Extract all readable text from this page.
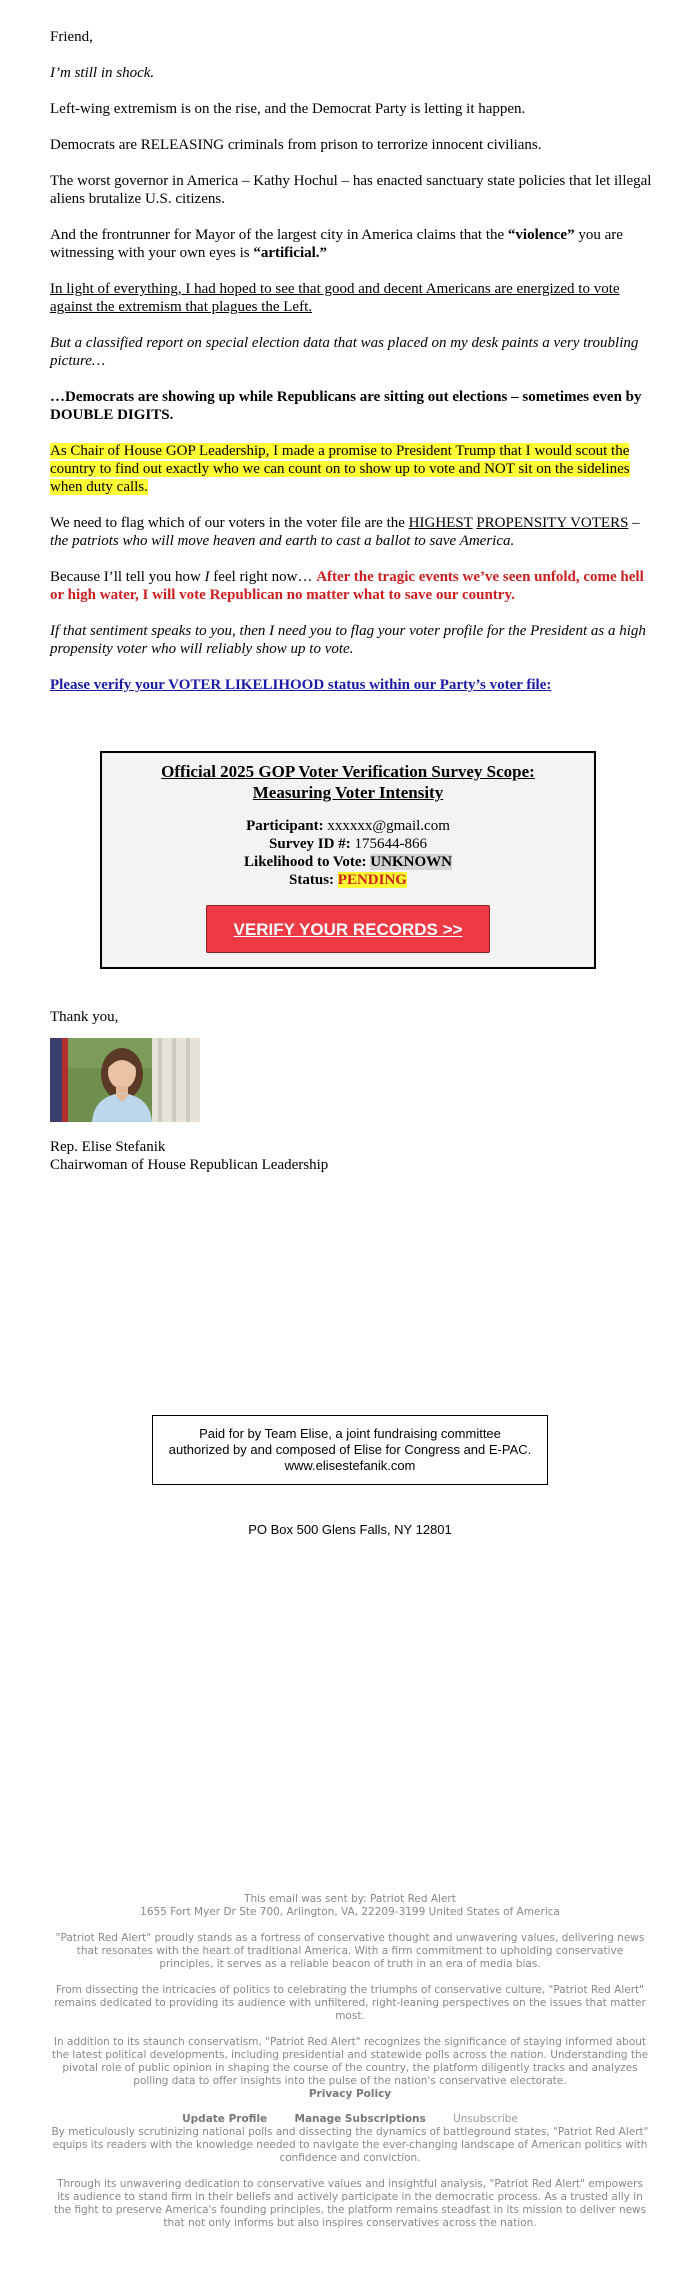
Friend,

I’m still in shock.

Left-wing extremism is on the rise, and the Democrat Party is letting it happen.

Democrats are RELEASING criminals from prison to terrorize innocent civilians.

The worst governor in America – Kathy Hochul – has enacted sanctuary state policies that let illegal aliens brutalize U.S. citizens.

And the frontrunner for Mayor of the largest city in America claims that the “violence” you are witnessing with your own eyes is “artificial.”

In light of everything, I had hoped to see that good and decent Americans are energized to vote against the extremism that plagues the Left.

But a classified report on special election data that was placed on my desk paints a very troubling picture…

…Democrats are showing up while Republicans are sitting out elections – sometimes even by DOUBLE DIGITS.

As Chair of House GOP Leadership, I made a promise to President Trump that I would scout the country to find out exactly who we can count on to show up to vote and NOT sit on the sidelines when duty calls.

We need to flag which of our voters in the voter file are the HIGHEST PROPENSITY VOTERS – the patriots who will move heaven and earth to cast a ballot to save America.

Because I’ll tell you how I feel right now… After the tragic events we’ve seen unfold, come hell or high water, I will vote Republican no matter what to save our country.

If that sentiment speaks to you, then I need you to flag your voter profile for the President as a high propensity voter who will reliably show up to vote.

Please verify your VOTER LIKELIHOOD status within our Party’s voter file:

Official 2025 GOP Voter Verification Survey Scope: Measuring Voter Intensity
Participant: xxxxxx@gmail.com
Survey ID #: 175644-866
Likelihood to Vote: UNKNOWN
Status: PENDING
VERIFY YOUR RECORDS >>

Thank you,

Rep. Elise Stefanik
Chairwoman of House Republican Leadership
Paid for by Team Elise, a joint fundraising committee authorized by and composed of Elise for Congress and E-PAC. www.elisestefanik.com
PO Box 500 Glens Falls, NY 12801

This email was sent by: Patriot Red Alert

1655 Fort Myer Dr Ste 700, Arlington, VA, 22209-3199 United States of America

"Patriot Red Alert" proudly stands as a fortress of conservative thought and unwavering values, delivering news that resonates with the heart of traditional America. With a firm commitment to upholding conservative principles, it serves as a reliable beacon of truth in an era of media bias.

From dissecting the intricacies of politics to celebrating the triumphs of conservative culture, "Patriot Red Alert" remains dedicated to providing its audience with unfiltered, right-leaning perspectives on the issues that matter most.

In addition to its staunch conservatism, "Patriot Red Alert" recognizes the significance of staying informed about the latest political developments, including presidential and statewide polls across the nation. Understanding the pivotal role of public opinion in shaping the course of the country, the platform diligently tracks and analyzes polling data to offer insights into the pulse of the nation's conservative electorate.

Privacy Policy
Update Profile	Manage Subscriptions	Unsubscribe

By meticulously scrutinizing national polls and dissecting the dynamics of battleground states, "Patriot Red Alert" equips its readers with the knowledge needed to navigate the ever-changing landscape of American politics with confidence and conviction.

Through its unwavering dedication to conservative values and insightful analysis, "Patriot Red Alert" empowers its audience to stand firm in their beliefs and actively participate in the democratic process. As a trusted ally in the fight to preserve America's founding principles, the platform remains steadfast in its mission to deliver news that not only informs but also inspires conservatives across the nation.
